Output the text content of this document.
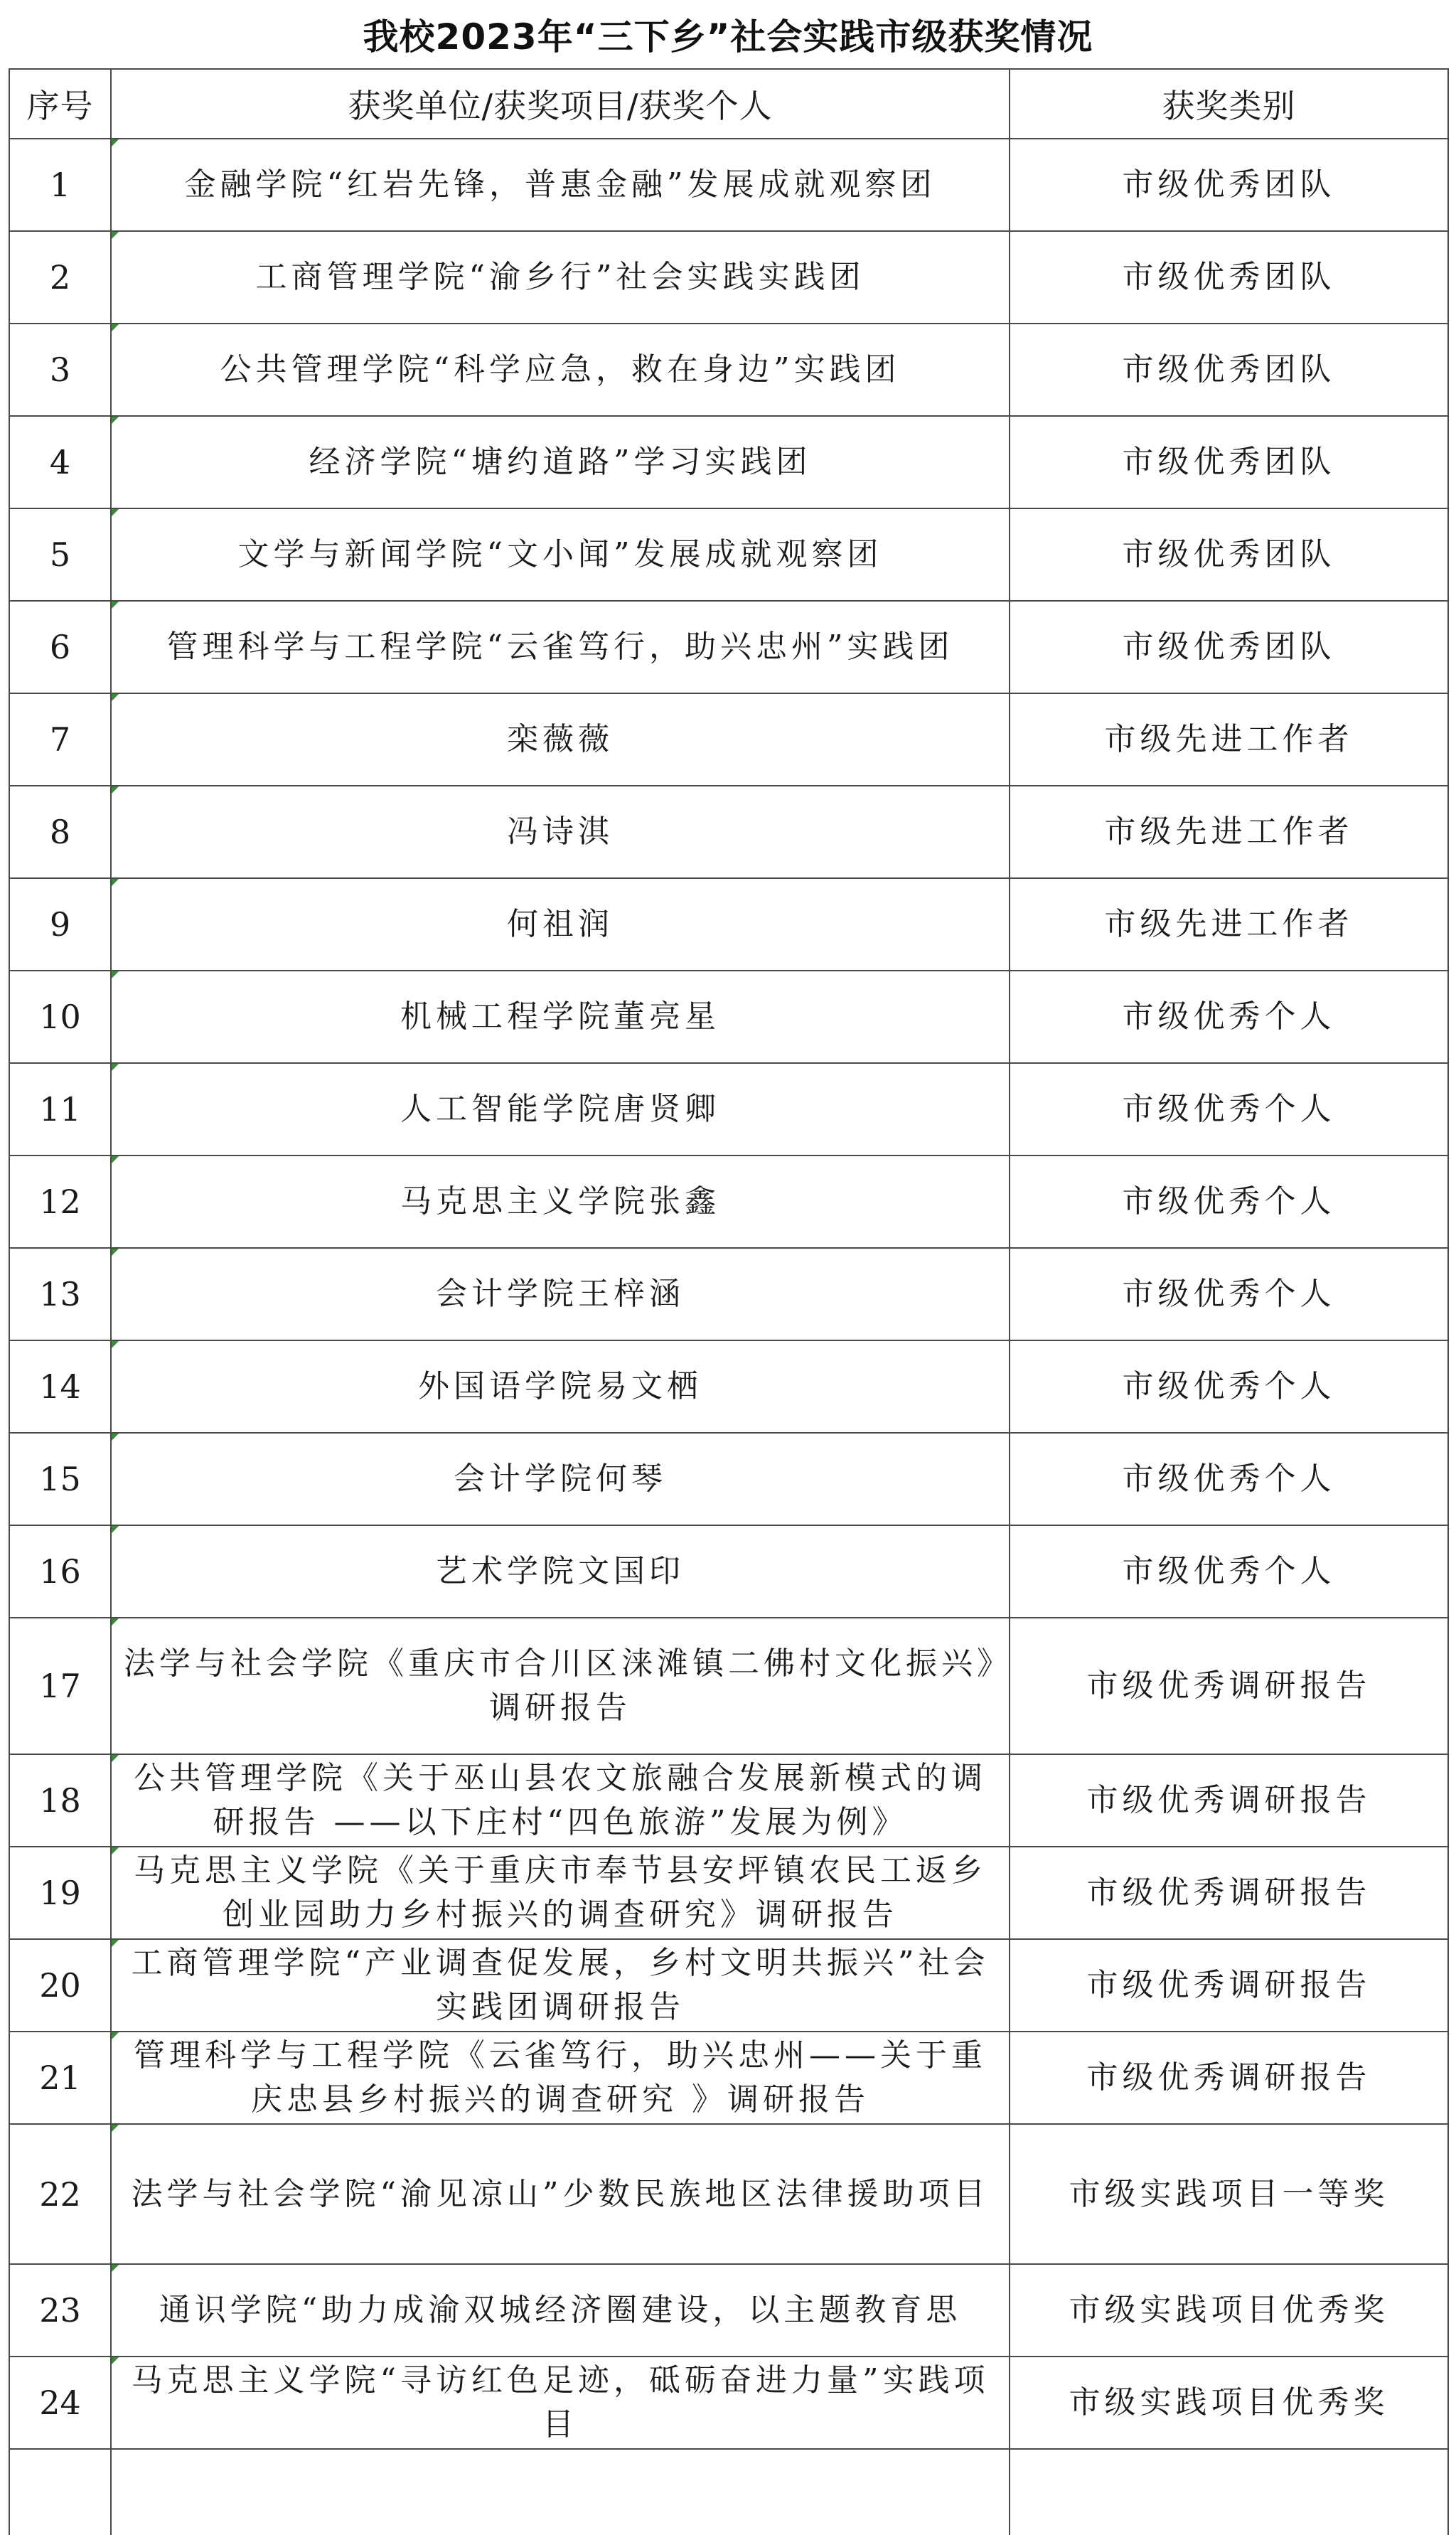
我校2023年“三下乡”社会实践市级获奖情况
序号	获奖单位/获奖项目/获奖个人	获奖类别
1	金融学院“红岩先锋，普惠金融”发展成就观察团	市级优秀团队
2	工商管理学院“渝乡行”社会实践实践团	市级优秀团队
3	公共管理学院“科学应急，救在身边”实践团	市级优秀团队
4	经济学院“塘约道路”学习实践团	市级优秀团队
5	文学与新闻学院“文小闻”发展成就观察团	市级优秀团队
6	管理科学与工程学院“云雀笃行，助兴忠州”实践团	市级优秀团队
7	栾薇薇	市级先进工作者
8	冯诗淇	市级先进工作者
9	何祖润	市级先进工作者
10	机械工程学院董亮星	市级优秀个人
11	人工智能学院唐贤卿	市级优秀个人
12	马克思主义学院张鑫	市级优秀个人
13	会计学院王梓涵	市级优秀个人
14	外国语学院易文栖	市级优秀个人
15	会计学院何琴	市级优秀个人
16	艺术学院文国印	市级优秀个人
17	法学与社会学院《重庆市合川区涞滩镇二佛村文化振兴》调研报告	市级优秀调研报告
18	公共管理学院《关于巫山县农文旅融合发展新模式的调研报告 ——以下庄村“四色旅游”发展为例》	市级优秀调研报告
19	马克思主义学院《关于重庆市奉节县安坪镇农民工返乡创业园助力乡村振兴的调查研究》调研报告	市级优秀调研报告
20	工商管理学院“产业调查促发展，乡村文明共振兴”社会实践团调研报告	市级优秀调研报告
21	管理科学与工程学院《云雀笃行，助兴忠州——关于重庆忠县乡村振兴的调查研究 》调研报告	市级优秀调研报告
22	法学与社会学院“渝见凉山”少数民族地区法律援助项目	市级实践项目一等奖
23	通识学院“助力成渝双城经济圈建设，以主题教育思	市级实践项目优秀奖
24	马克思主义学院“寻访红色足迹，砥砺奋进力量”实践项目	市级实践项目优秀奖
